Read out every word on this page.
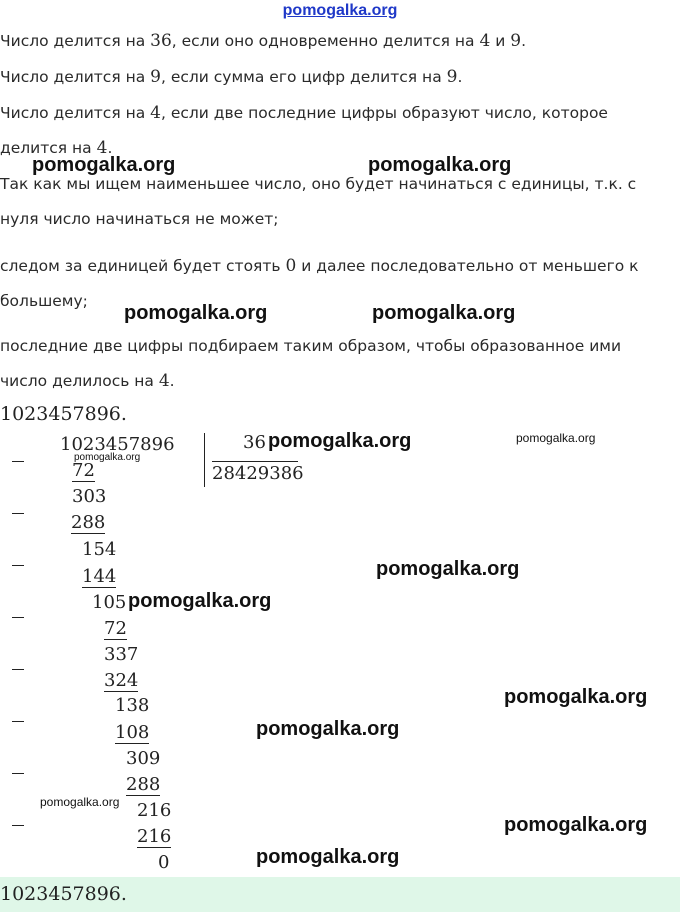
pomogalka.org
Число делится на 36, если оно одновременно делится на 4 и 9.
Число делится на 9, если сумма его цифр делится на 9.
Число делится на 4, если две последние цифры образуют число, которое
делится на 4.
Так как мы ищем наименьшее число, оно будет начинаться с единицы, т.к. с
нуля число начинаться не может;
следом за единицей будет стоять 0 и далее последовательно от меньшего к
большему;
последние две цифры подбираем таким образом, чтобы образованное ими
число делилось на 4.
1023457896.
1023457896	36
28429386
72
303
288
154
144
105
72
337
324
138
108
309
288
216
216
0
pomogalka.org	pomogalka.org
pomogalka.org	pomogalka.org
pomogalka.org	pomogalka.org
pomogalka.org
pomogalka.org
pomogalka.org
pomogalka.org
pomogalka.org
pomogalka.org
pomogalka.org
pomogalka.org
1023457896.
